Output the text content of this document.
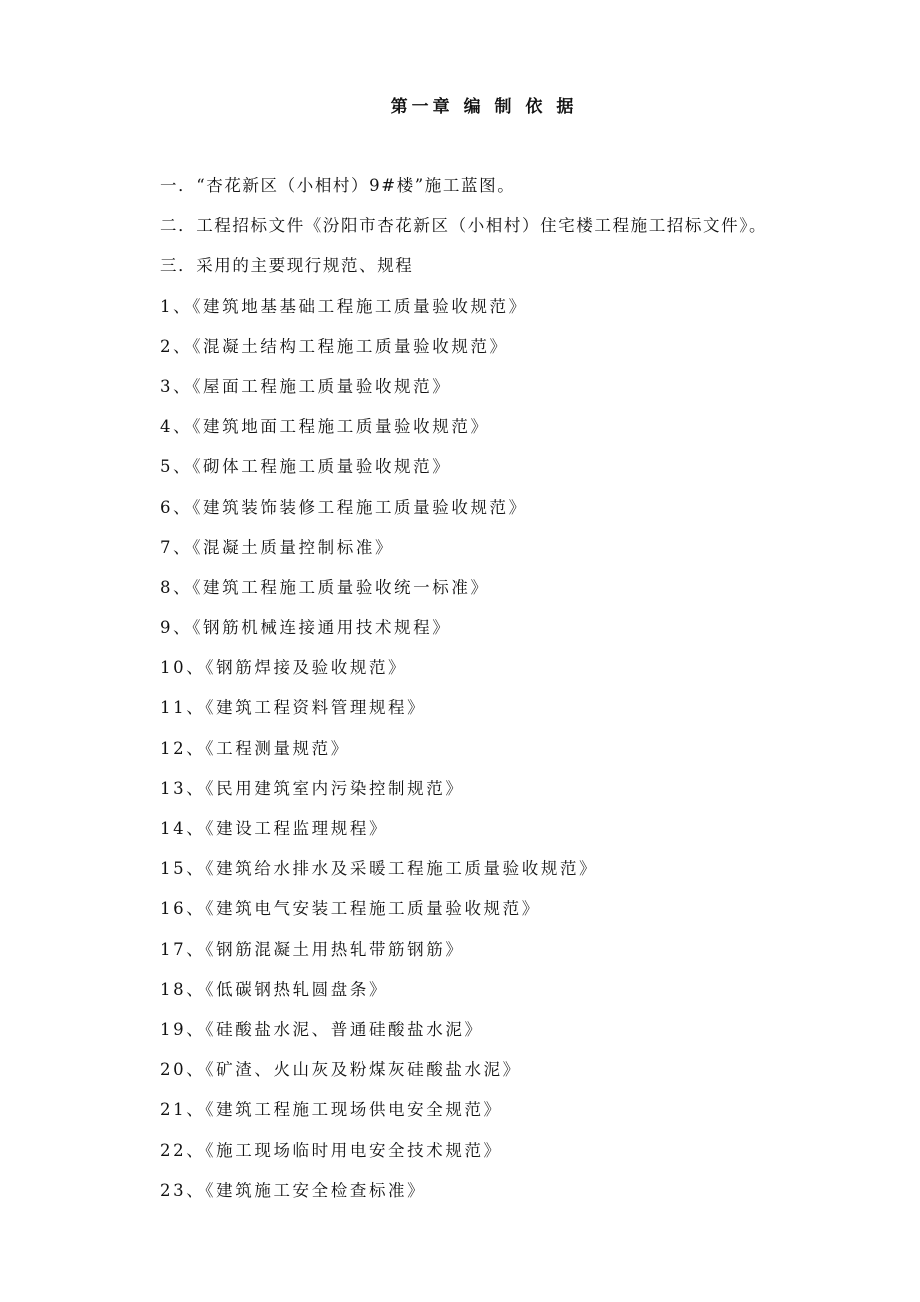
第一章 编 制 依 据
一．“杏花新区（小相村）9#楼”施工蓝图。
二．工程招标文件《汾阳市杏花新区（小相村）住宅楼工程施工招标文件》。
三．采用的主要现行规范、规程
1、《建筑地基基础工程施工质量验收规范》
2、《混凝土结构工程施工质量验收规范》
3、《屋面工程施工质量验收规范》
4、《建筑地面工程施工质量验收规范》
5、《砌体工程施工质量验收规范》
6、《建筑装饰装修工程施工质量验收规范》
7、《混凝土质量控制标准》
8、《建筑工程施工质量验收统一标准》
9、《钢筋机械连接通用技术规程》
10、《钢筋焊接及验收规范》
11、《建筑工程资料管理规程》
12、《工程测量规范》
13、《民用建筑室内污染控制规范》
14、《建设工程监理规程》
15、《建筑给水排水及采暖工程施工质量验收规范》
16、《建筑电气安装工程施工质量验收规范》
17、《钢筋混凝土用热轧带筋钢筋》
18、《低碳钢热轧圆盘条》
19、《硅酸盐水泥、普通硅酸盐水泥》
20、《矿渣、火山灰及粉煤灰硅酸盐水泥》
21、《建筑工程施工现场供电安全规范》
22、《施工现场临时用电安全技术规范》
23、《建筑施工安全检查标准》
